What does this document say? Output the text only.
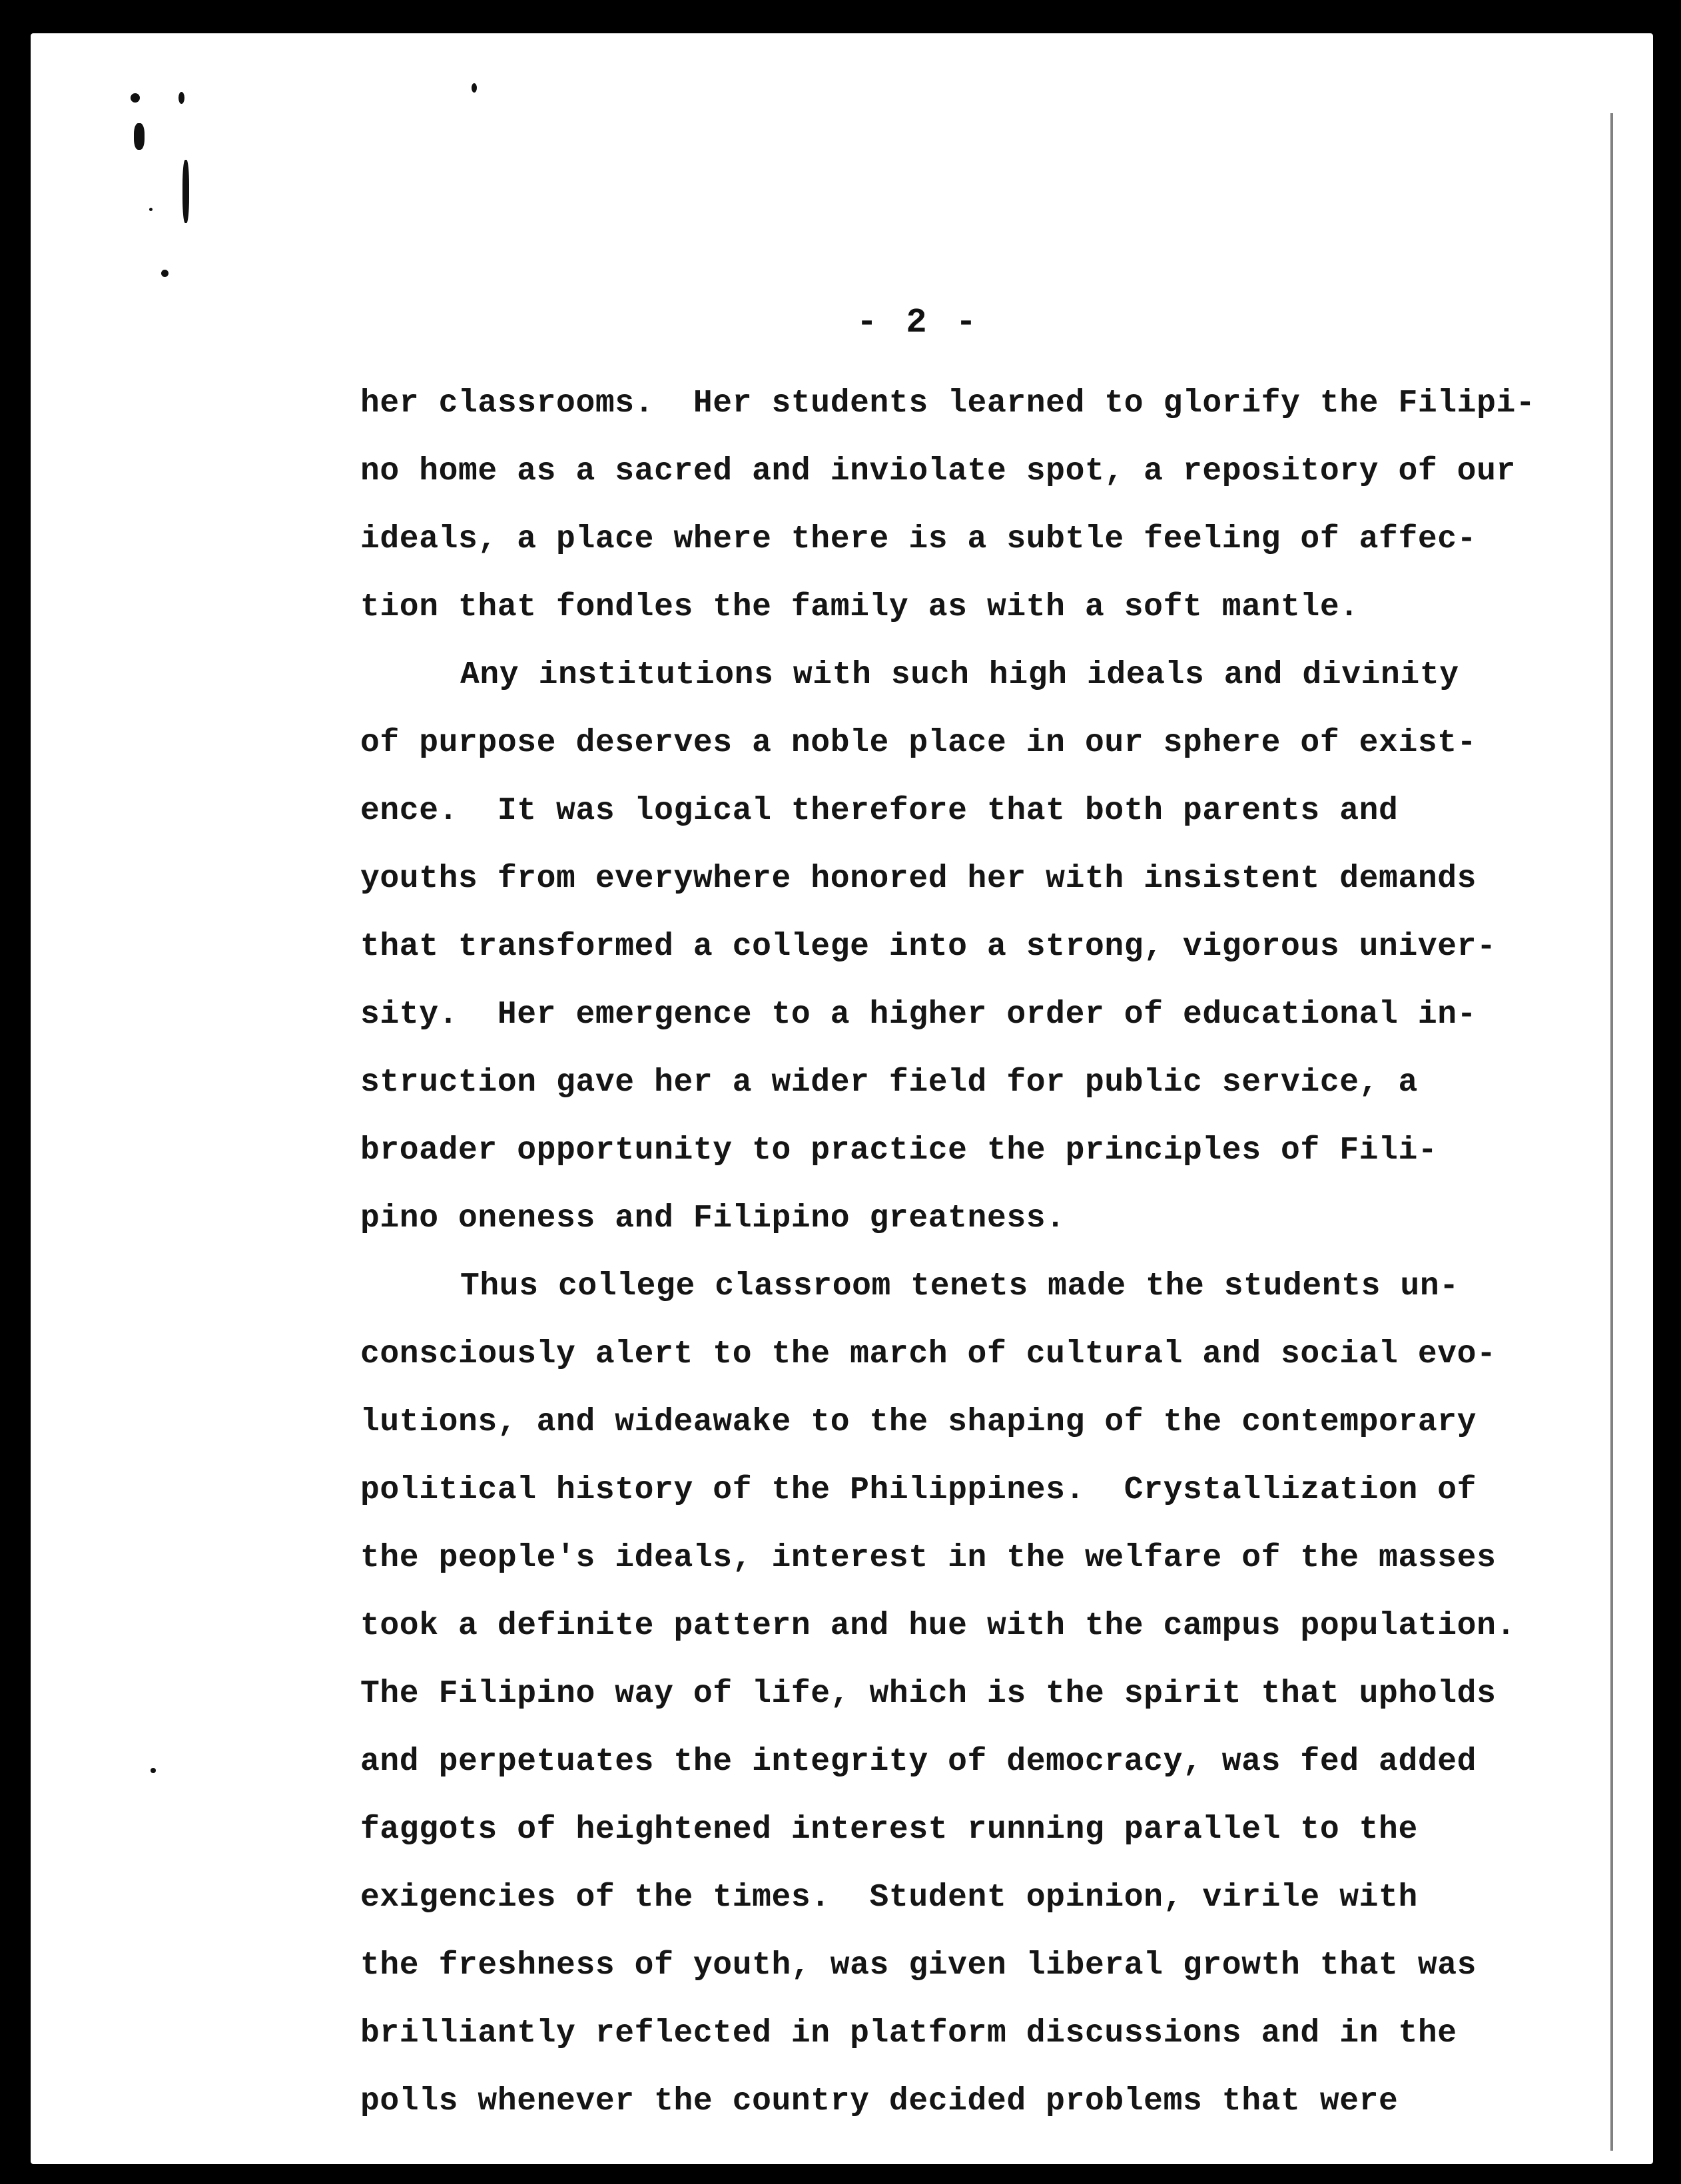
- 2 -
her classrooms.  Her students learned to glorify the Filipi-
no home as a sacred and inviolate spot, a repository of our
ideals, a place where there is a subtle feeling of affec-
tion that fondles the family as with a soft mantle.
Any institutions with such high ideals and divinity
of purpose deserves a noble place in our sphere of exist-
ence.  It was logical therefore that both parents and
youths from everywhere honored her with insistent demands
that transformed a college into a strong, vigorous univer-
sity.  Her emergence to a higher order of educational in-
struction gave her a wider field for public service, a
broader opportunity to practice the principles of Fili-
pino oneness and Filipino greatness.
Thus college classroom tenets made the students un-
consciously alert to the march of cultural and social evo-
lutions, and wideawake to the shaping of the contemporary
political history of the Philippines.  Crystallization of
the people's ideals, interest in the welfare of the masses
took a definite pattern and hue with the campus population.
The Filipino way of life, which is the spirit that upholds
and perpetuates the integrity of democracy, was fed added
faggots of heightened interest running parallel to the
exigencies of the times.  Student opinion, virile with
the freshness of youth, was given liberal growth that was
brilliantly reflected in platform discussions and in the
polls whenever the country decided problems that were
